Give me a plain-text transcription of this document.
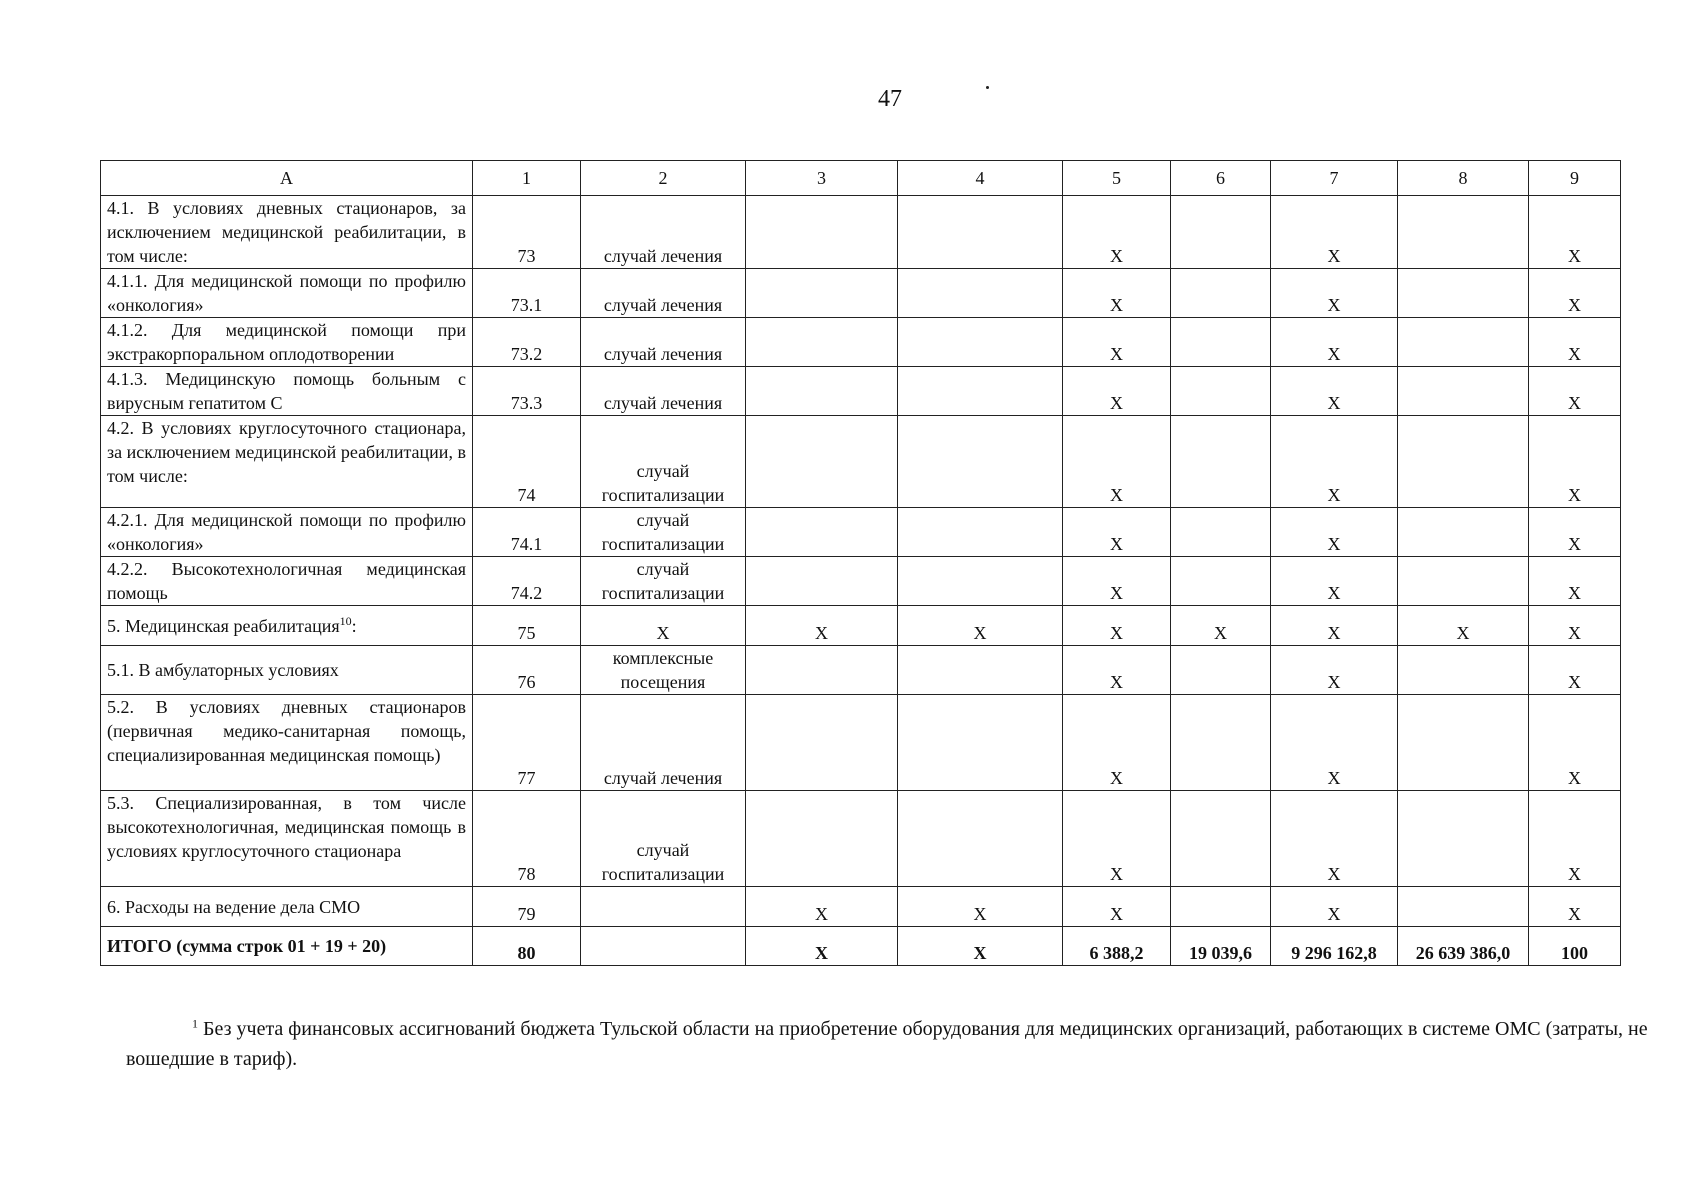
47
А	1	2	3	4	5	6	7	8	9
4.1. В условиях дневных стационаров, за исключением медицинской реабилитации, в том числе:	73	случай лечения			X		X		X
4.1.1. Для медицинской помощи по профилю «онкология»	73.1	случай лечения			X		X		X
4.1.2. Для медицинской помощи при экстракорпоральном оплодотворении	73.2	случай лечения			X		X		X
4.1.3. Медицинскую помощь больным с вирусным гепатитом С	73.3	случай лечения			X		X		X
4.2. В условиях круглосуточного стационара, за исключением медицинской реабилитации, в том числе:	74	случай госпитализации			X		X		X
4.2.1. Для медицинской помощи по профилю «онкология»	74.1	случай госпитализации			X		X		X
4.2.2. Высокотехнологичная медицинская помощь	74.2	случай госпитализации			X		X		X
5. Медицинская реабилитация$^{10}$:	75	X	X	X	X	X	X	X	X
5.1. В амбулаторных условиях	76	комплексные посещения			X		X		X
5.2. В условиях дневных стационаров (первичная медико-санитарная помощь, специализированная медицинская помощь)	77	случай лечения			X		X		X
5.3. Специализированная, в том числе высокотехнологичная, медицинская помощь в условиях круглосуточного стационара	78	случай госпитализации			X		X		X
6. Расходы на ведение дела СМО	79		X	X	X		X		X
ИТОГО (сумма строк 01 + 19 + 20)	80		X	X	6 388,2	19 039,6	9 296 162,8	26 639 386,0	100
$^1$ Без учета финансовых ассигнований бюджета Тульской области на приобретение оборудования для медицинских организаций, работающих в системе ОМС (затраты, не вошедшие в тариф).
